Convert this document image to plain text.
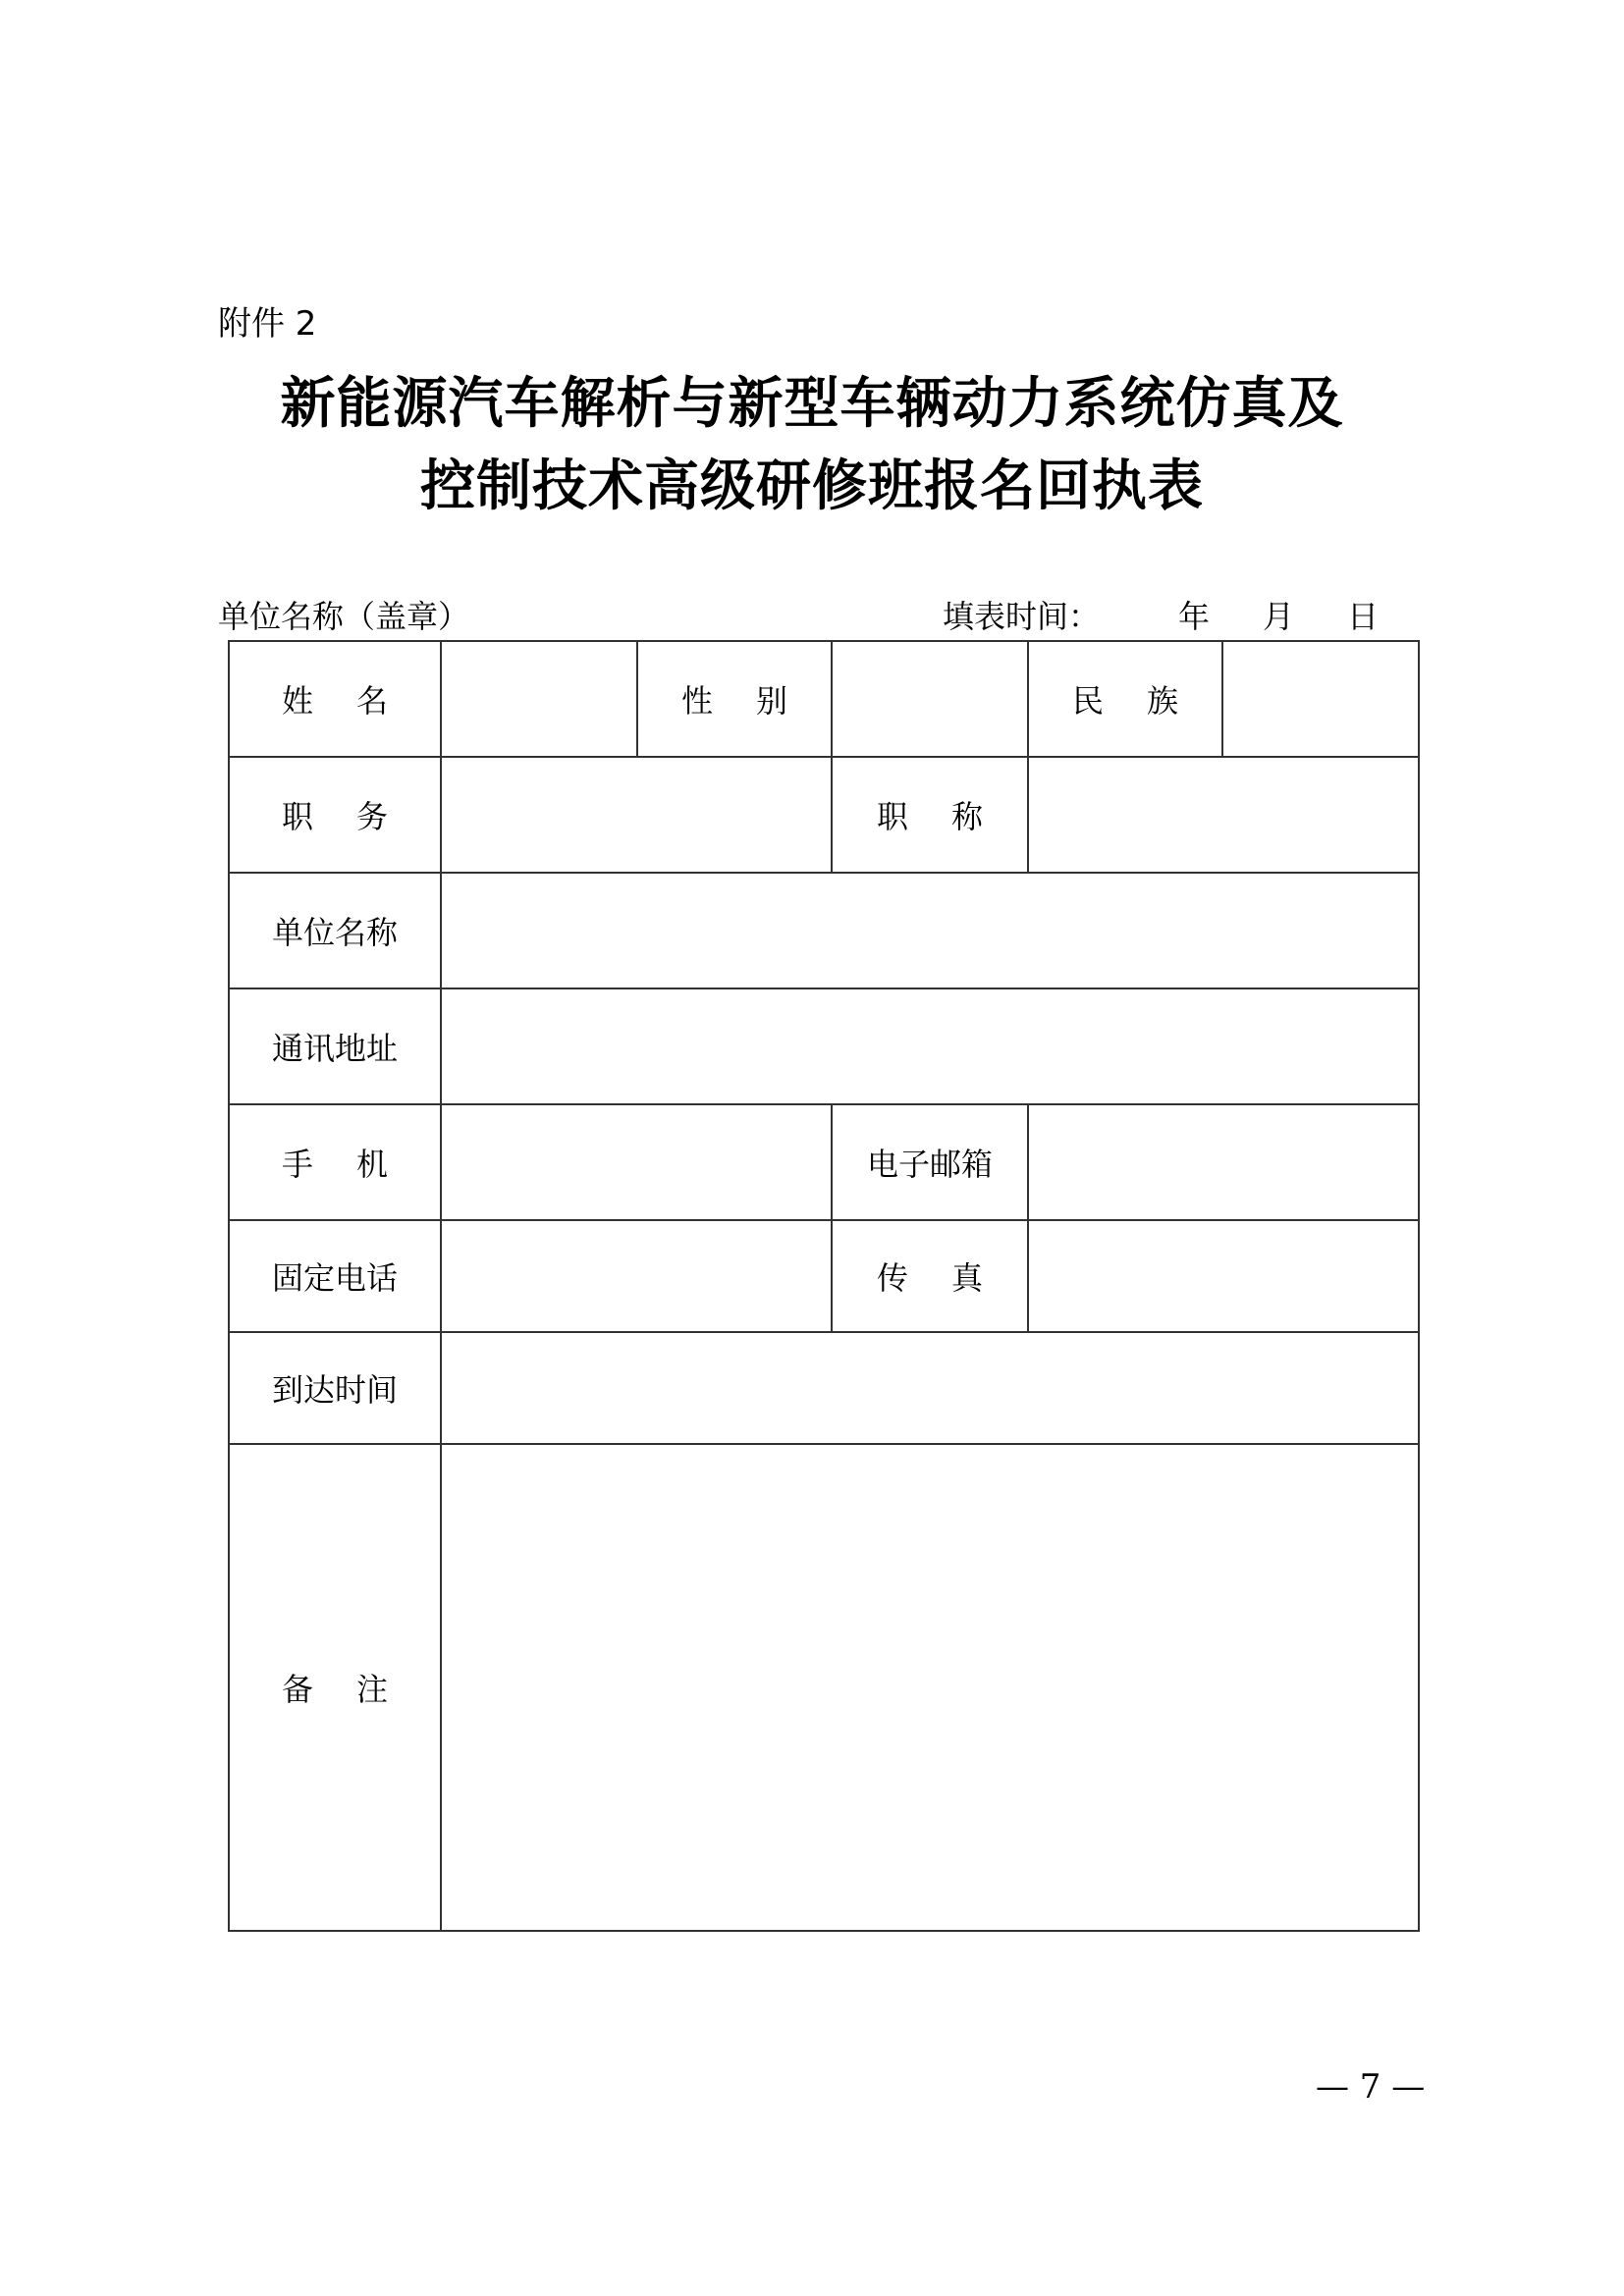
附件 2
新能源汽车解析与新型车辆动力系统仿真及
控制技术高级研修班报名回执表
单位名称（盖章）	填表时间：	年 月 日
姓名		性别		民族	
职务			职称		
单位名称					
通讯地址					
手机			电子邮箱		
固定电话			传真		
到达时间					
备注					
— 7 —
